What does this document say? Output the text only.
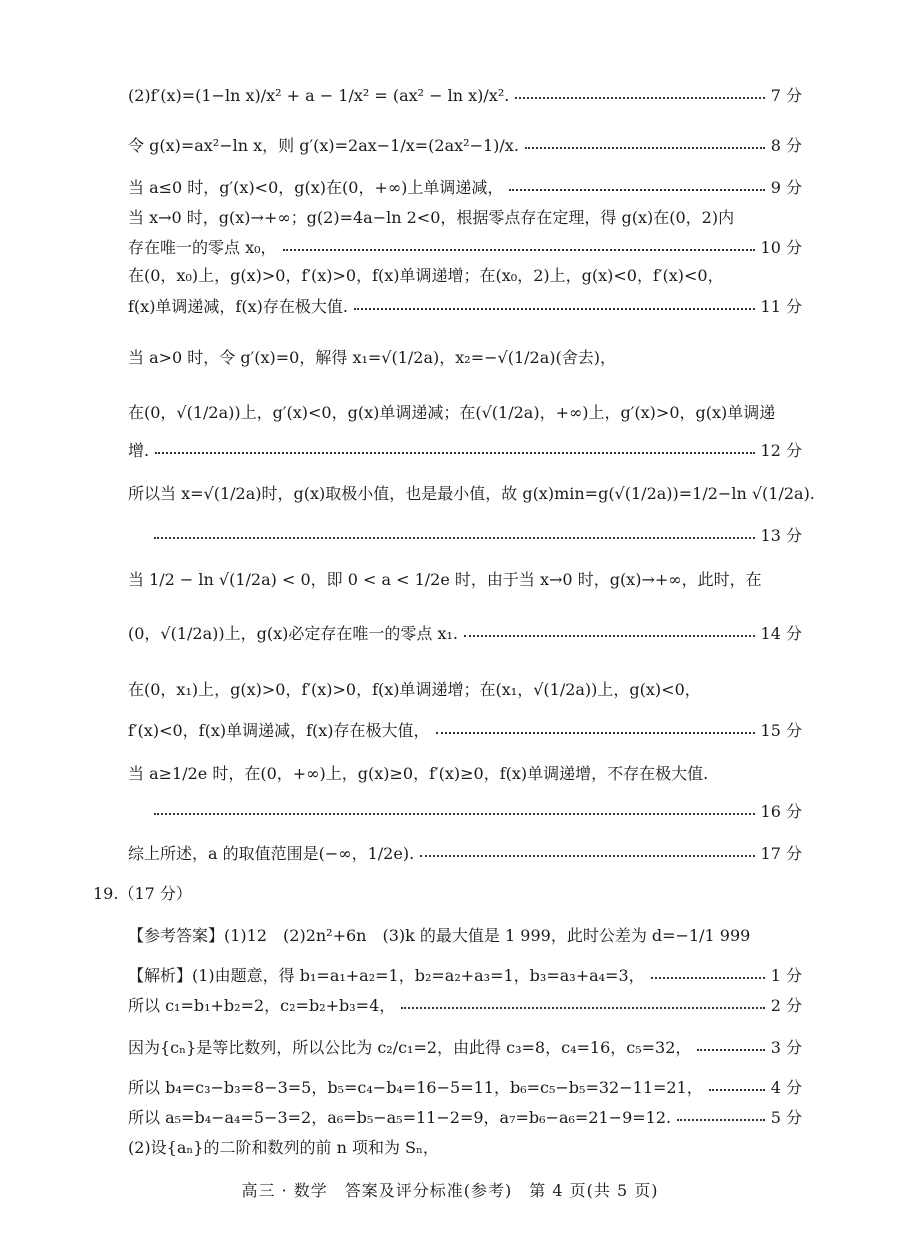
(2)f′(x)=(1−ln x)/x² + a − 1/x² = (ax² − ln x)/x².	7 分
令 g(x)=ax²−ln x，则 g′(x)=2ax−1/x=(2ax²−1)/x.	8 分
当 a≤0 时，g′(x)<0，g(x)在(0，+∞)上单调递减，	9 分
当 x→0 时，g(x)→+∞；g(2)=4a−ln 2<0，根据零点存在定理，得 g(x)在(0，2)内
存在唯一的零点 x₀，	10 分
在(0，x₀)上，g(x)>0，f′(x)>0，f(x)单调递增；在(x₀，2)上，g(x)<0，f′(x)<0，
f(x)单调递减，f(x)存在极大值.	11 分
当 a>0 时，令 g′(x)=0，解得 x₁=√(1/2a)，x₂=−√(1/2a)(舍去)，
在(0，√(1/2a))上，g′(x)<0，g(x)单调递减；在(√(1/2a)，+∞)上，g′(x)>0，g(x)单调递
增.	12 分
所以当 x=√(1/2a)时，g(x)取极小值，也是最小值，故 g(x)min=g(√(1/2a))=1/2−ln √(1/2a).
13 分
当 1/2 − ln √(1/2a) < 0，即 0 < a < 1/2e 时，由于当 x→0 时，g(x)→+∞，此时，在
(0，√(1/2a))上，g(x)必定存在唯一的零点 x₁.	14 分
在(0，x₁)上，g(x)>0，f′(x)>0，f(x)单调递增；在(x₁，√(1/2a))上，g(x)<0，
f′(x)<0，f(x)单调递减，f(x)存在极大值，	15 分
当 a≥1/2e 时，在(0，+∞)上，g(x)≥0，f′(x)≥0，f(x)单调递增，不存在极大值.
16 分
综上所述，a 的取值范围是(−∞，1/2e).	17 分
19.（17 分）
【参考答案】(1)12　(2)2n²+6n　(3)k 的最大值是 1 999，此时公差为 d=−1/1 999
【解析】(1)由题意，得 b₁=a₁+a₂=1，b₂=a₂+a₃=1，b₃=a₃+a₄=3，	1 分
所以 c₁=b₁+b₂=2，c₂=b₂+b₃=4，	2 分
因为{cₙ}是等比数列，所以公比为 c₂/c₁=2，由此得 c₃=8，c₄=16，c₅=32，	3 分
所以 b₄=c₃−b₃=8−3=5，b₅=c₄−b₄=16−5=11，b₆=c₅−b₅=32−11=21，	4 分
所以 a₅=b₄−a₄=5−3=2，a₆=b₅−a₅=11−2=9，a₇=b₆−a₆=21−9=12.	5 分
(2)设{aₙ}的二阶和数列的前 n 项和为 Sₙ，
高三 · 数学　答案及评分标准(参考)　第 4 页(共 5 页)
